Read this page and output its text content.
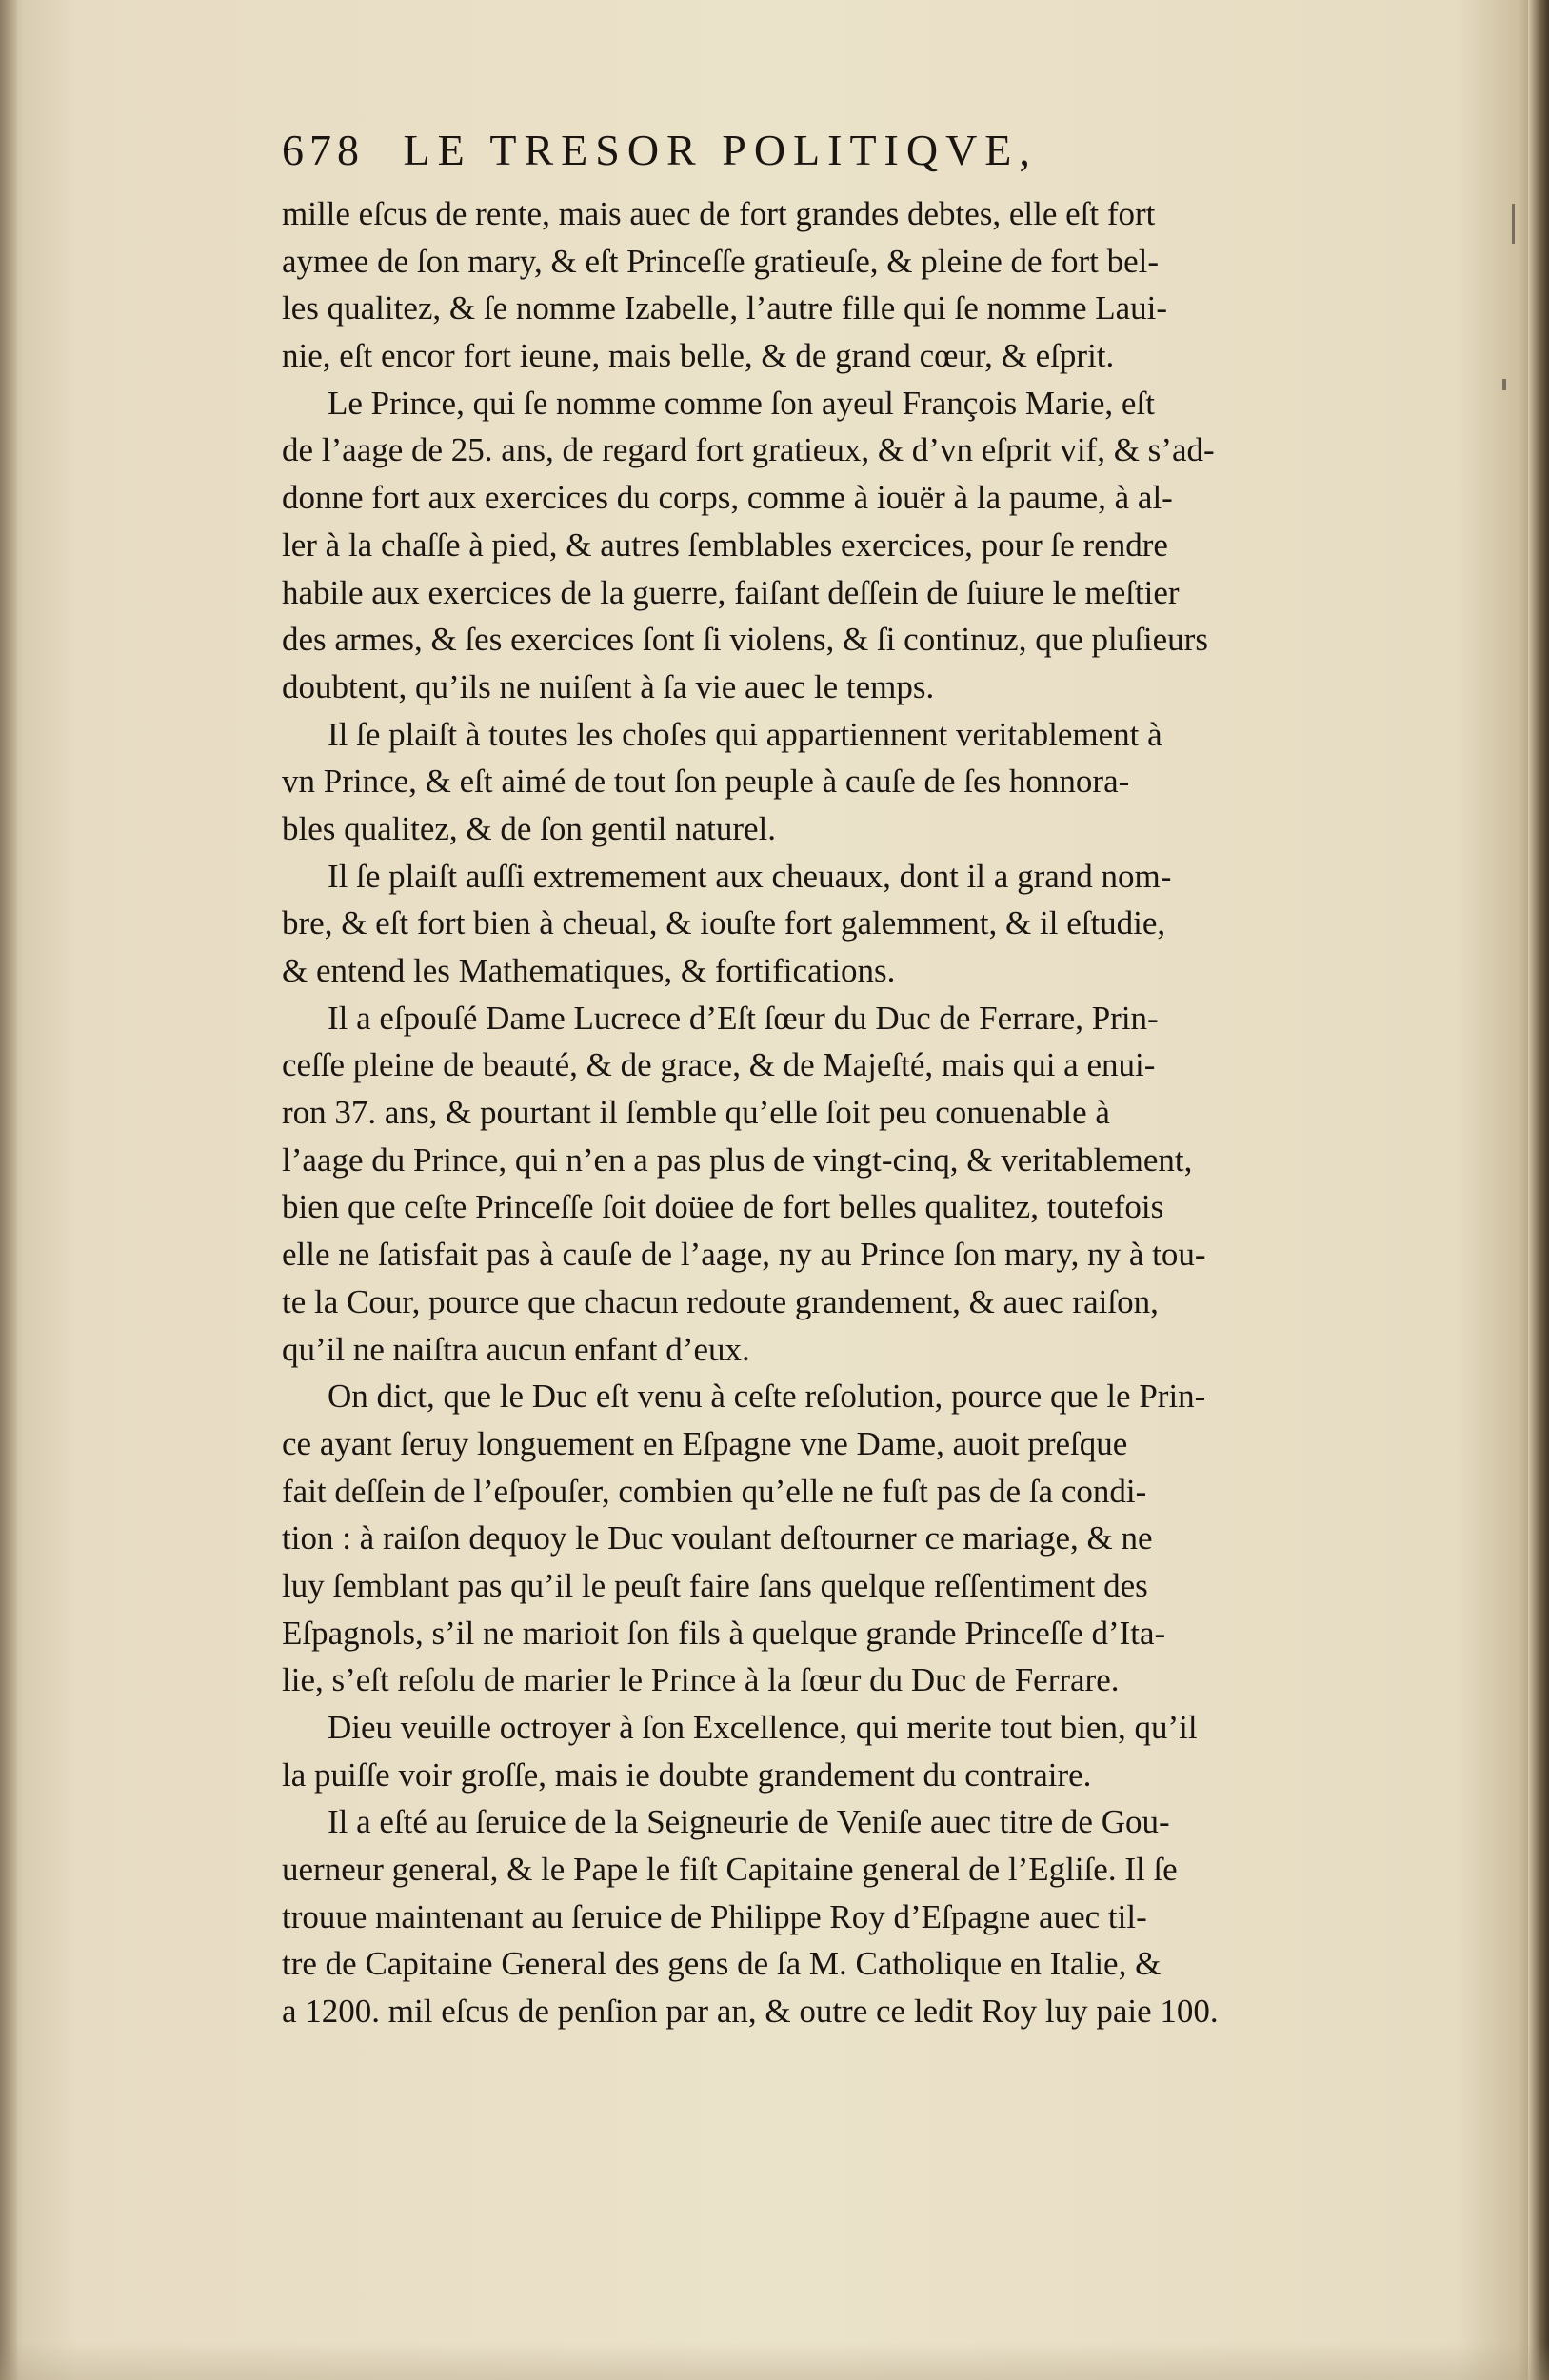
678 LE TRESOR POLITIQVE,
mille eſcus de rente, mais auec de fort grandes debtes, elle eſt fort
aymee de ſon mary, & eſt Princeſſe gratieuſe, & pleine de fort bel-
les qualitez, & ſe nomme Izabelle, l’autre fille qui ſe nomme Laui-
nie, eſt encor fort ieune, mais belle, & de grand cœur, & eſprit.
Le Prince, qui ſe nomme comme ſon ayeul François Marie, eſt
de l’aage de 25. ans, de regard fort gratieux, & d’vn eſprit vif, & s’ad-
donne fort aux exercices du corps, comme à iouër à la paume, à al-
ler à la chaſſe à pied, & autres ſemblables exercices, pour ſe rendre
habile aux exercices de la guerre, faiſant deſſein de ſuiure le meſtier
des armes, & ſes exercices ſont ſi violens, & ſi continuz, que pluſieurs
doubtent, qu’ils ne nuiſent à ſa vie auec le temps.
Il ſe plaiſt à toutes les choſes qui appartiennent veritablement à
vn Prince, & eſt aimé de tout ſon peuple à cauſe de ſes honnora-
bles qualitez, & de ſon gentil naturel.
Il ſe plaiſt auſſi extremement aux cheuaux, dont il a grand nom-
bre, & eſt fort bien à cheual, & iouſte fort galemment, & il eſtudie,
& entend les Mathematiques, & fortifications.
Il a eſpouſé Dame Lucrece d’Eſt ſœur du Duc de Ferrare, Prin-
ceſſe pleine de beauté, & de grace, & de Majeſté, mais qui a enui-
ron 37. ans, & pourtant il ſemble qu’elle ſoit peu conuenable à
l’aage du Prince, qui n’en a pas plus de vingt-cinq, & veritablement,
bien que ceſte Princeſſe ſoit doüee de fort belles qualitez, toutefois
elle ne ſatisfait pas à cauſe de l’aage, ny au Prince ſon mary, ny à tou-
te la Cour, pource que chacun redoute grandement, & auec raiſon,
qu’il ne naiſtra aucun enfant d’eux.
On dict, que le Duc eſt venu à ceſte reſolution, pource que le Prin-
ce ayant ſeruy longuement en Eſpagne vne Dame, auoit preſque
fait deſſein de l’eſpouſer, combien qu’elle ne fuſt pas de ſa condi-
tion : à raiſon dequoy le Duc voulant deſtourner ce mariage, & ne
luy ſemblant pas qu’il le peuſt faire ſans quelque reſſentiment des
Eſpagnols, s’il ne marioit ſon fils à quelque grande Princeſſe d’Ita-
lie, s’eſt reſolu de marier le Prince à la ſœur du Duc de Ferrare.
Dieu veuille octroyer à ſon Excellence, qui merite tout bien, qu’il
la puiſſe voir groſſe, mais ie doubte grandement du contraire.
Il a eſté au ſeruice de la Seigneurie de Veniſe auec titre de Gou-
uerneur general, & le Pape le fiſt Capitaine general de l’Egliſe. Il ſe
trouue maintenant au ſeruice de Philippe Roy d’Eſpagne auec til-
tre de Capitaine General des gens de ſa M. Catholique en Italie, &
a 1200. mil eſcus de penſion par an, & outre ce ledit Roy luy paie 100.
